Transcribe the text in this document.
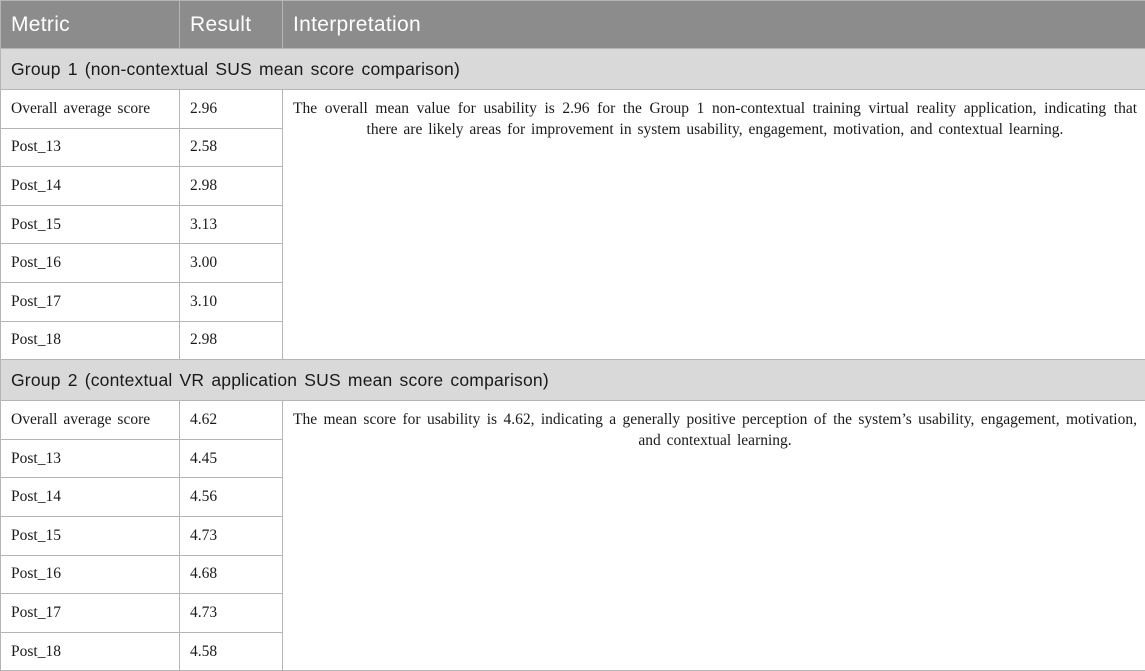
Metric	Result	Interpretation
Group 1 (non-contextual SUS mean score comparison)		
Overall average score	2.96	The overall mean value for usability is 2.96 for the Group 1 non-contextual training virtual reality application, indicating that there are likely areas for improvement in system usability, engagement, motivation, and contextual learning.
Post_13	2.58	
Post_14	2.98	
Post_15	3.13	
Post_16	3.00	
Post_17	3.10	
Post_18	2.98	
Group 2 (contextual VR application SUS mean score comparison)		
Overall average score	4.62	The mean score for usability is 4.62, indicating a generally positive perception of the system’s usability, engagement, motivation, and contextual learning.
Post_13	4.45	
Post_14	4.56	
Post_15	4.73	
Post_16	4.68	
Post_17	4.73	
Post_18	4.58	
